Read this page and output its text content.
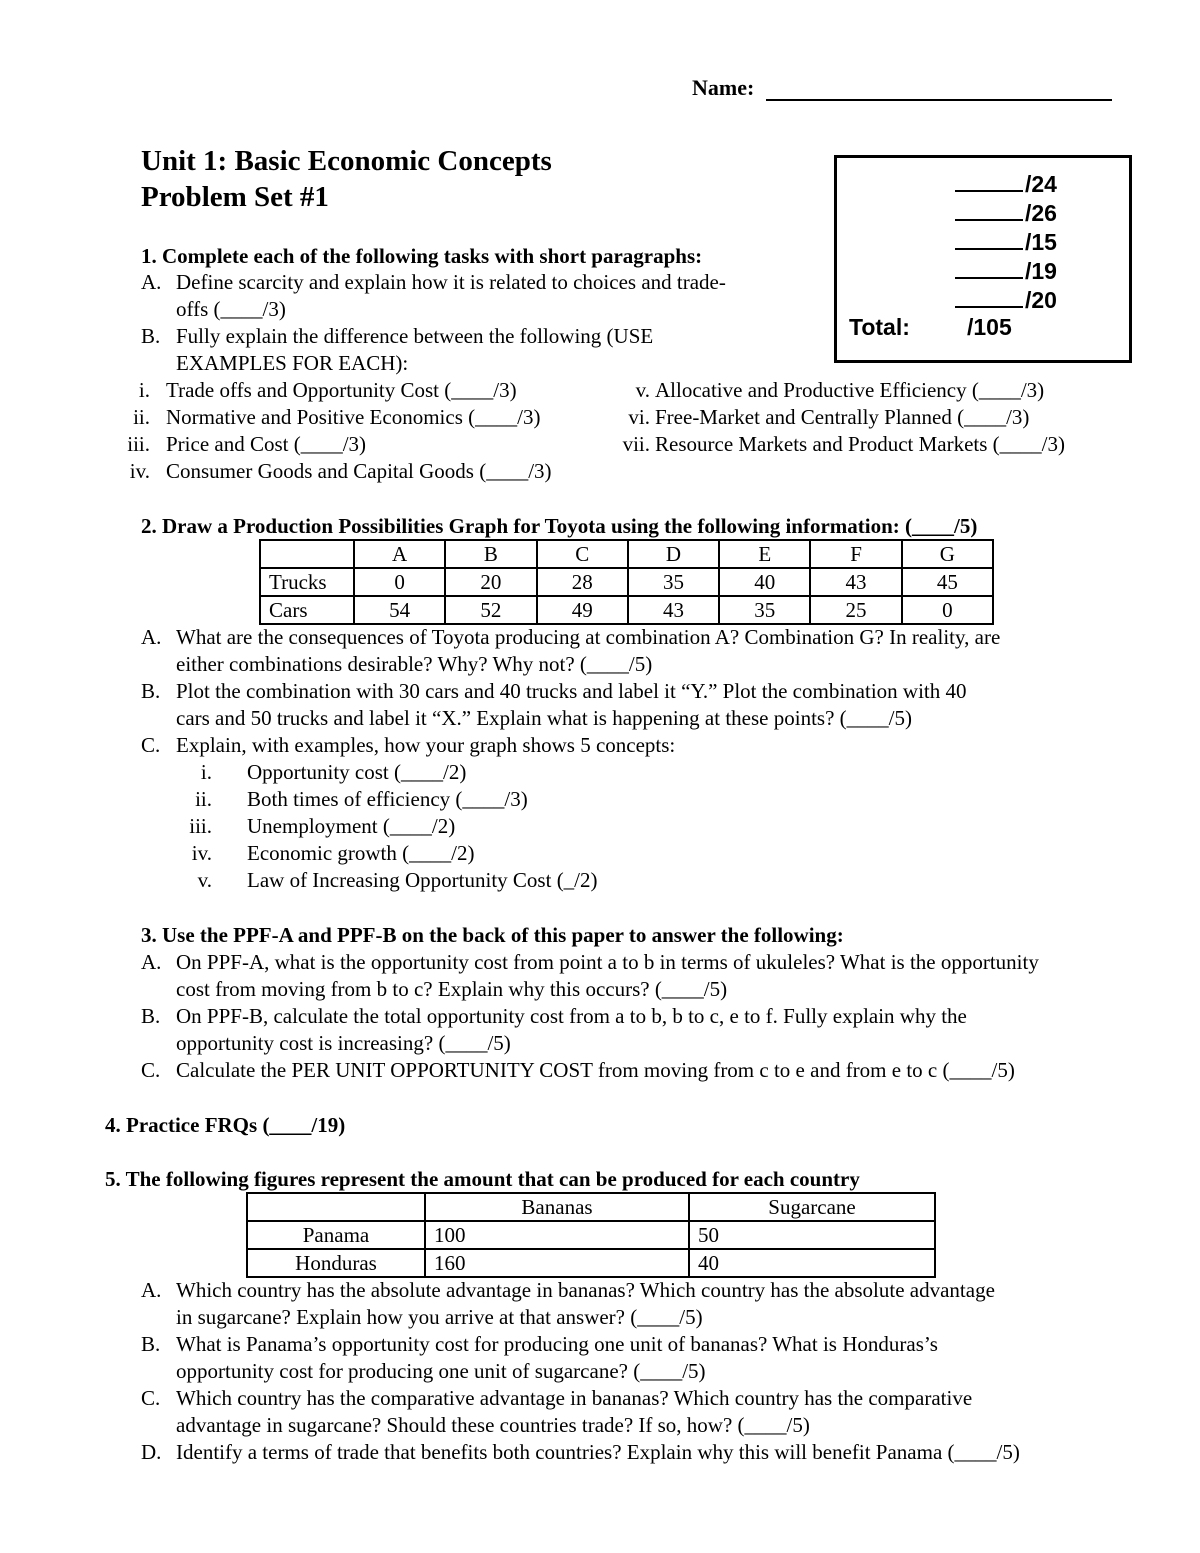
Name:
Unit 1: Basic Economic Concepts
Problem Set #1	/24
/26
/15
/19
/20
Total: /105
1. Complete each of the following tasks with short paragraphs:
A. Define scarcity and explain how it is related to choices and trade-
offs (____/3)
B. Fully explain the difference between the following (USE
EXAMPLES FOR EACH):
i. Trade offs and Opportunity Cost (____/3)
ii. Normative and Positive Economics (____/3)
iii. Price and Cost (____/3)
iv. Consumer Goods and Capital Goods (____/3)
v. Allocative and Productive Efficiency (____/3)
vi. Free-Market and Centrally Planned (____/3)
vii. Resource Markets and Product Markets (____/3)
2. Draw a Production Possibilities Graph for Toyota using the following information: (____/5)
	A	B	C	D	E	F	G
Trucks	0	20	28	35	40	43	45
Cars	54	52	49	43	35	25	0
A. What are the consequences of Toyota producing at combination A? Combination G? In reality, are
either combinations desirable? Why? Why not? (____/5)
B. Plot the combination with 30 cars and 40 trucks and label it “Y.” Plot the combination with 40
cars and 50 trucks and label it “X.” Explain what is happening at these points? (____/5)
C. Explain, with examples, how your graph shows 5 concepts:
i. Opportunity cost (____/2)
ii. Both times of efficiency (____/3)
iii. Unemployment (____/2)
iv. Economic growth (____/2)
v. Law of Increasing Opportunity Cost (_/2)
3. Use the PPF-A and PPF-B on the back of this paper to answer the following:
A. On PPF-A, what is the opportunity cost from point a to b in terms of ukuleles? What is the opportunity
cost from moving from b to c? Explain why this occurs? (____/5)
B. On PPF-B, calculate the total opportunity cost from a to b, b to c, e to f. Fully explain why the
opportunity cost is increasing? (____/5)
C. Calculate the PER UNIT OPPORTUNITY COST from moving from c to e and from e to c (____/5)
4. Practice FRQs (____/19)
5. The following figures represent the amount that can be produced for each country
	Bananas	Sugarcane
Panama	100	50
Honduras	160	40
A. Which country has the absolute advantage in bananas? Which country has the absolute advantage
in sugarcane? Explain how you arrive at that answer? (____/5)
B. What is Panama’s opportunity cost for producing one unit of bananas? What is Honduras’s
opportunity cost for producing one unit of sugarcane? (____/5)
C. Which country has the comparative advantage in bananas? Which country has the comparative
advantage in sugarcane? Should these countries trade? If so, how? (____/5)
D. Identify a terms of trade that benefits both countries? Explain why this will benefit Panama (____/5)
